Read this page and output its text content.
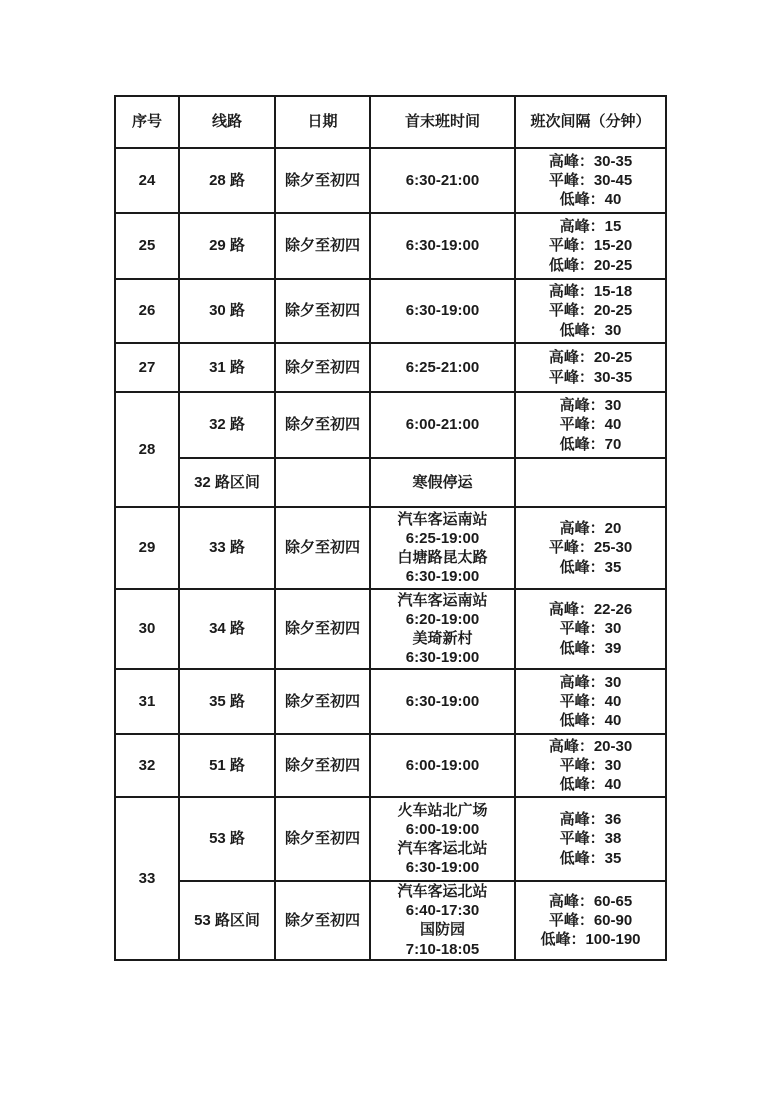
序号	线路	日期	首末班时间	班次间隔（分钟）
24	28 路	除夕至初四	6:30-21:00	高峰：30-35
平峰：30-45
低峰：40

25	29 路	除夕至初四	6:30-19:00	高峰：15
平峰：15-20
低峰：20-25

26	30 路	除夕至初四	6:30-19:00	高峰：15-18
平峰：20-25
低峰：30

27	31 路	除夕至初四	6:25-21:00	高峰：20-25
平峰：30-35

28	32 路	除夕至初四	6:00-21:00	高峰：30
平峰：40
低峰：70

	32 路区间		寒假停运	

29	33 路	除夕至初四	汽车客运南站
6:25-19:00
白塘路昆太路
6:30-19:00	高峰：20
平峰：25-30
低峰：35

30	34 路	除夕至初四	汽车客运南站
6:20-19:00
美琦新村
6:30-19:00	高峰：22-26
平峰：30
低峰：39

31	35 路	除夕至初四	6:30-19:00	高峰：30
平峰：40
低峰：40

32	51 路	除夕至初四	6:00-19:00	高峰：20-30
平峰：30
低峰：40

33	53 路	除夕至初四	火车站北广场
6:00-19:00
汽车客运北站
6:30-19:00	高峰：36
平峰：38
低峰：35

	53 路区间	除夕至初四	汽车客运北站
6:40-17:30
国防园
7:10-18:05	高峰：60-65
平峰：60-90
低峰：100-190
